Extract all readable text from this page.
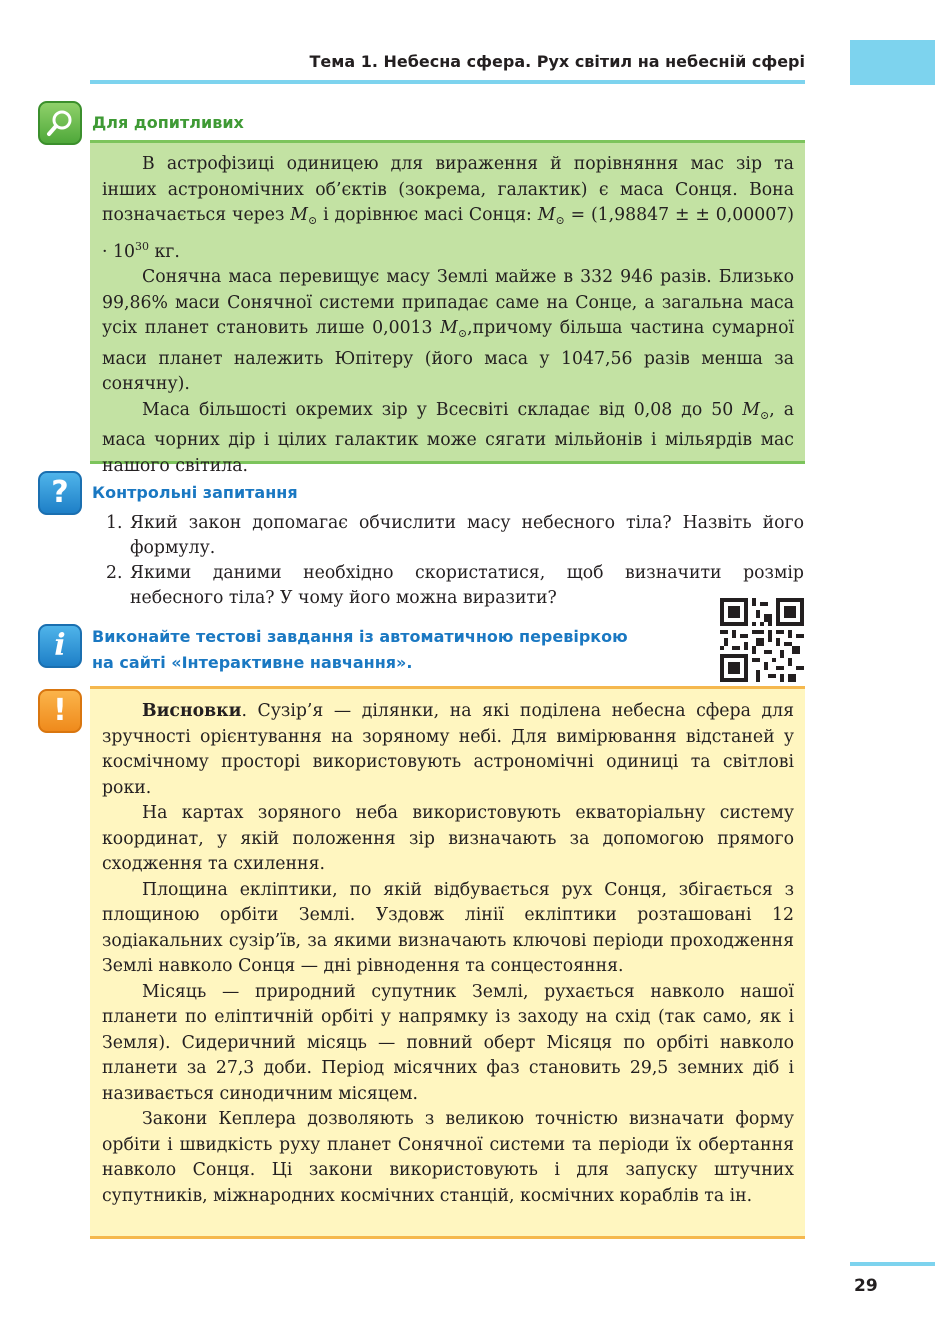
Тема 1. Небесна сфера. Рух світил на небесній сфері
Для допитливих

В астрофізиці одиницею для вираження й порівняння мас зір та інших астрономічних об’єктів (зокрема, галактик) є маса Сонця. Вона позначається через $M_⊙$ і дорівнює масі Сонця: $M_⊙ = (1,98847$ ± ± $0,00007) \cdot 10^{30}$ кг.

Сонячна маса перевищує масу Землі майже в 332 946 разів. Близько 99,86% маси Сонячної системи припадає саме на Сонце, а загальна маса усіх планет становить лише 0,0013 $M_⊙,причому$ більша частина сумарної маси планет належить Юпітеру (його маса у 1047,56 разів менша за сонячну).

Маса більшості окремих зір у Всесвіті складає від 0,08 до 50 $M_⊙$, а маса чорних дір і цілих галактик може сягати мільйонів і мільярдів мас нашого світила.

? Контрольні запитання
1. Який закон допомагає обчислити масу небесного тіла? Назвіть його формулу.
2. Якими даними необхідно скористатися, щоб визначити розмір небесного тіла? У чому його можна виразити?
i Виконайте тестові завдання із автоматичною перевіркою
на сайті «Інтерактивне навчання».
!	Висновки. Сузір’я — ділянки, на які поділена небесна сфера для зручності орієнтування на зоряному небі. Для вимірювання відстаней у космічному просторі використовують астрономічні одиниці та світлові роки.

На картах зоряного неба використовують екваторіальну систему координат, у якій положення зір визначають за допомогою прямого сходження та схилення.

Площина екліптики, по якій відбувається рух Сонця, збігається з площиною орбіти Землі. Уздовж лінії екліптики розташовані 12 зодіакальних сузір’їв, за якими визначають ключові періоди проходження Землі навколо Сонця — дні рівнодення та сонцестояння.

Місяць — природний супутник Землі, рухається навколо нашої планети по еліптичній орбіті у напрямку із заходу на схід (так само, як і Земля). Сидеричний місяць — повний оберт Місяця по орбіті навколо планети за 27,3 доби. Період місячних фаз становить 29,5 земних діб і називається синодичним місяцем.

Закони Кеплера дозволяють з великою точністю визначати форму орбіти і швидкість руху планет Сонячної системи та періоди їх обертання навколо Сонця. Ці закони використовують і для запуску штучних супутників, міжнародних космічних станцій, космічних кораблів та ін.

29
